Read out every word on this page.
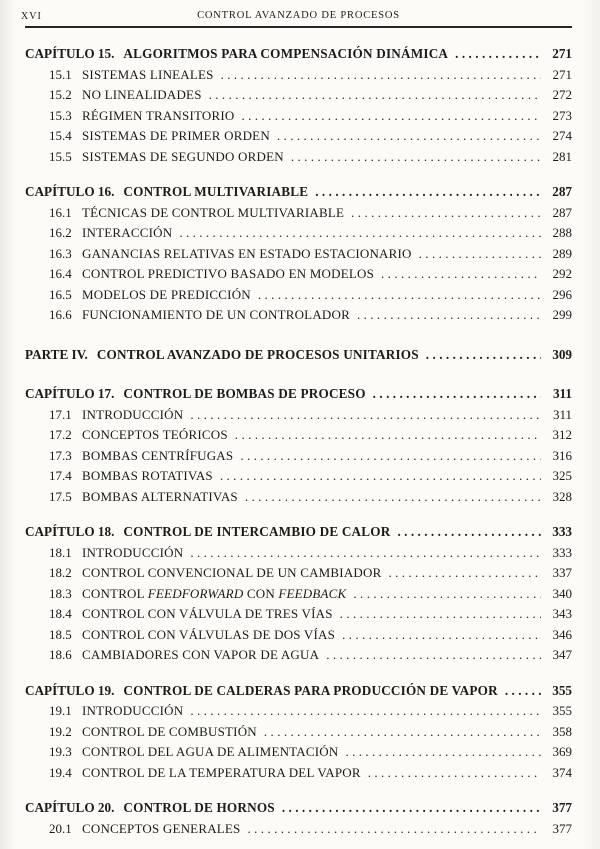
XVI	CONTROL AVANZADO DE PROCESOS
CAPÍTULO 15. ALGORITMOS PARA COMPENSACIÓN DINÁMICA .....	271
15.1 SISTEMAS LINEALES .....	271
15.2 NO LINEALIDADES .....	272
15.3 RÉGIMEN TRANSITORIO .....	273
15.4 SISTEMAS DE PRIMER ORDEN .....	274
15.5 SISTEMAS DE SEGUNDO ORDEN .....	281
CAPÍTULO 16. CONTROL MULTIVARIABLE .....	287
16.1 TÉCNICAS DE CONTROL MULTIVARIABLE .....	287
16.2 INTERACCIÓN .....	288
16.3 GANANCIAS RELATIVAS EN ESTADO ESTACIONARIO .....	289
16.4 CONTROL PREDICTIVO BASADO EN MODELOS .....	292
16.5 MODELOS DE PREDICCIÓN .....	296
16.6 FUNCIONAMIENTO DE UN CONTROLADOR .....	299
PARTE IV. CONTROL AVANZADO DE PROCESOS UNITARIOS .....	309
CAPÍTULO 17. CONTROL DE BOMBAS DE PROCESO .....	311
17.1 INTRODUCCIÓN .....	311
17.2 CONCEPTOS TEÓRICOS .....	312
17.3 BOMBAS CENTRÍFUGAS .....	316
17.4 BOMBAS ROTATIVAS .....	325
17.5 BOMBAS ALTERNATIVAS .....	328
CAPÍTULO 18. CONTROL DE INTERCAMBIO DE CALOR .....	333
18.1 INTRODUCCIÓN .....	333
18.2 CONTROL CONVENCIONAL DE UN CAMBIADOR .....	337
18.3 CONTROL FEEDFORWARD CON FEEDBACK .....	340
18.4 CONTROL CON VÁLVULA DE TRES VÍAS .....	343
18.5 CONTROL CON VÁLVULAS DE DOS VÍAS .....	346
18.6 CAMBIADORES CON VAPOR DE AGUA .....	347
CAPÍTULO 19. CONTROL DE CALDERAS PARA PRODUCCIÓN DE VAPOR .....	355
19.1 INTRODUCCIÓN .....	355
19.2 CONTROL DE COMBUSTIÓN .....	358
19.3 CONTROL DEL AGUA DE ALIMENTACIÓN .....	369
19.4 CONTROL DE LA TEMPERATURA DEL VAPOR .....	374
CAPÍTULO 20. CONTROL DE HORNOS .....	377
20.1 CONCEPTOS GENERALES .....	377
